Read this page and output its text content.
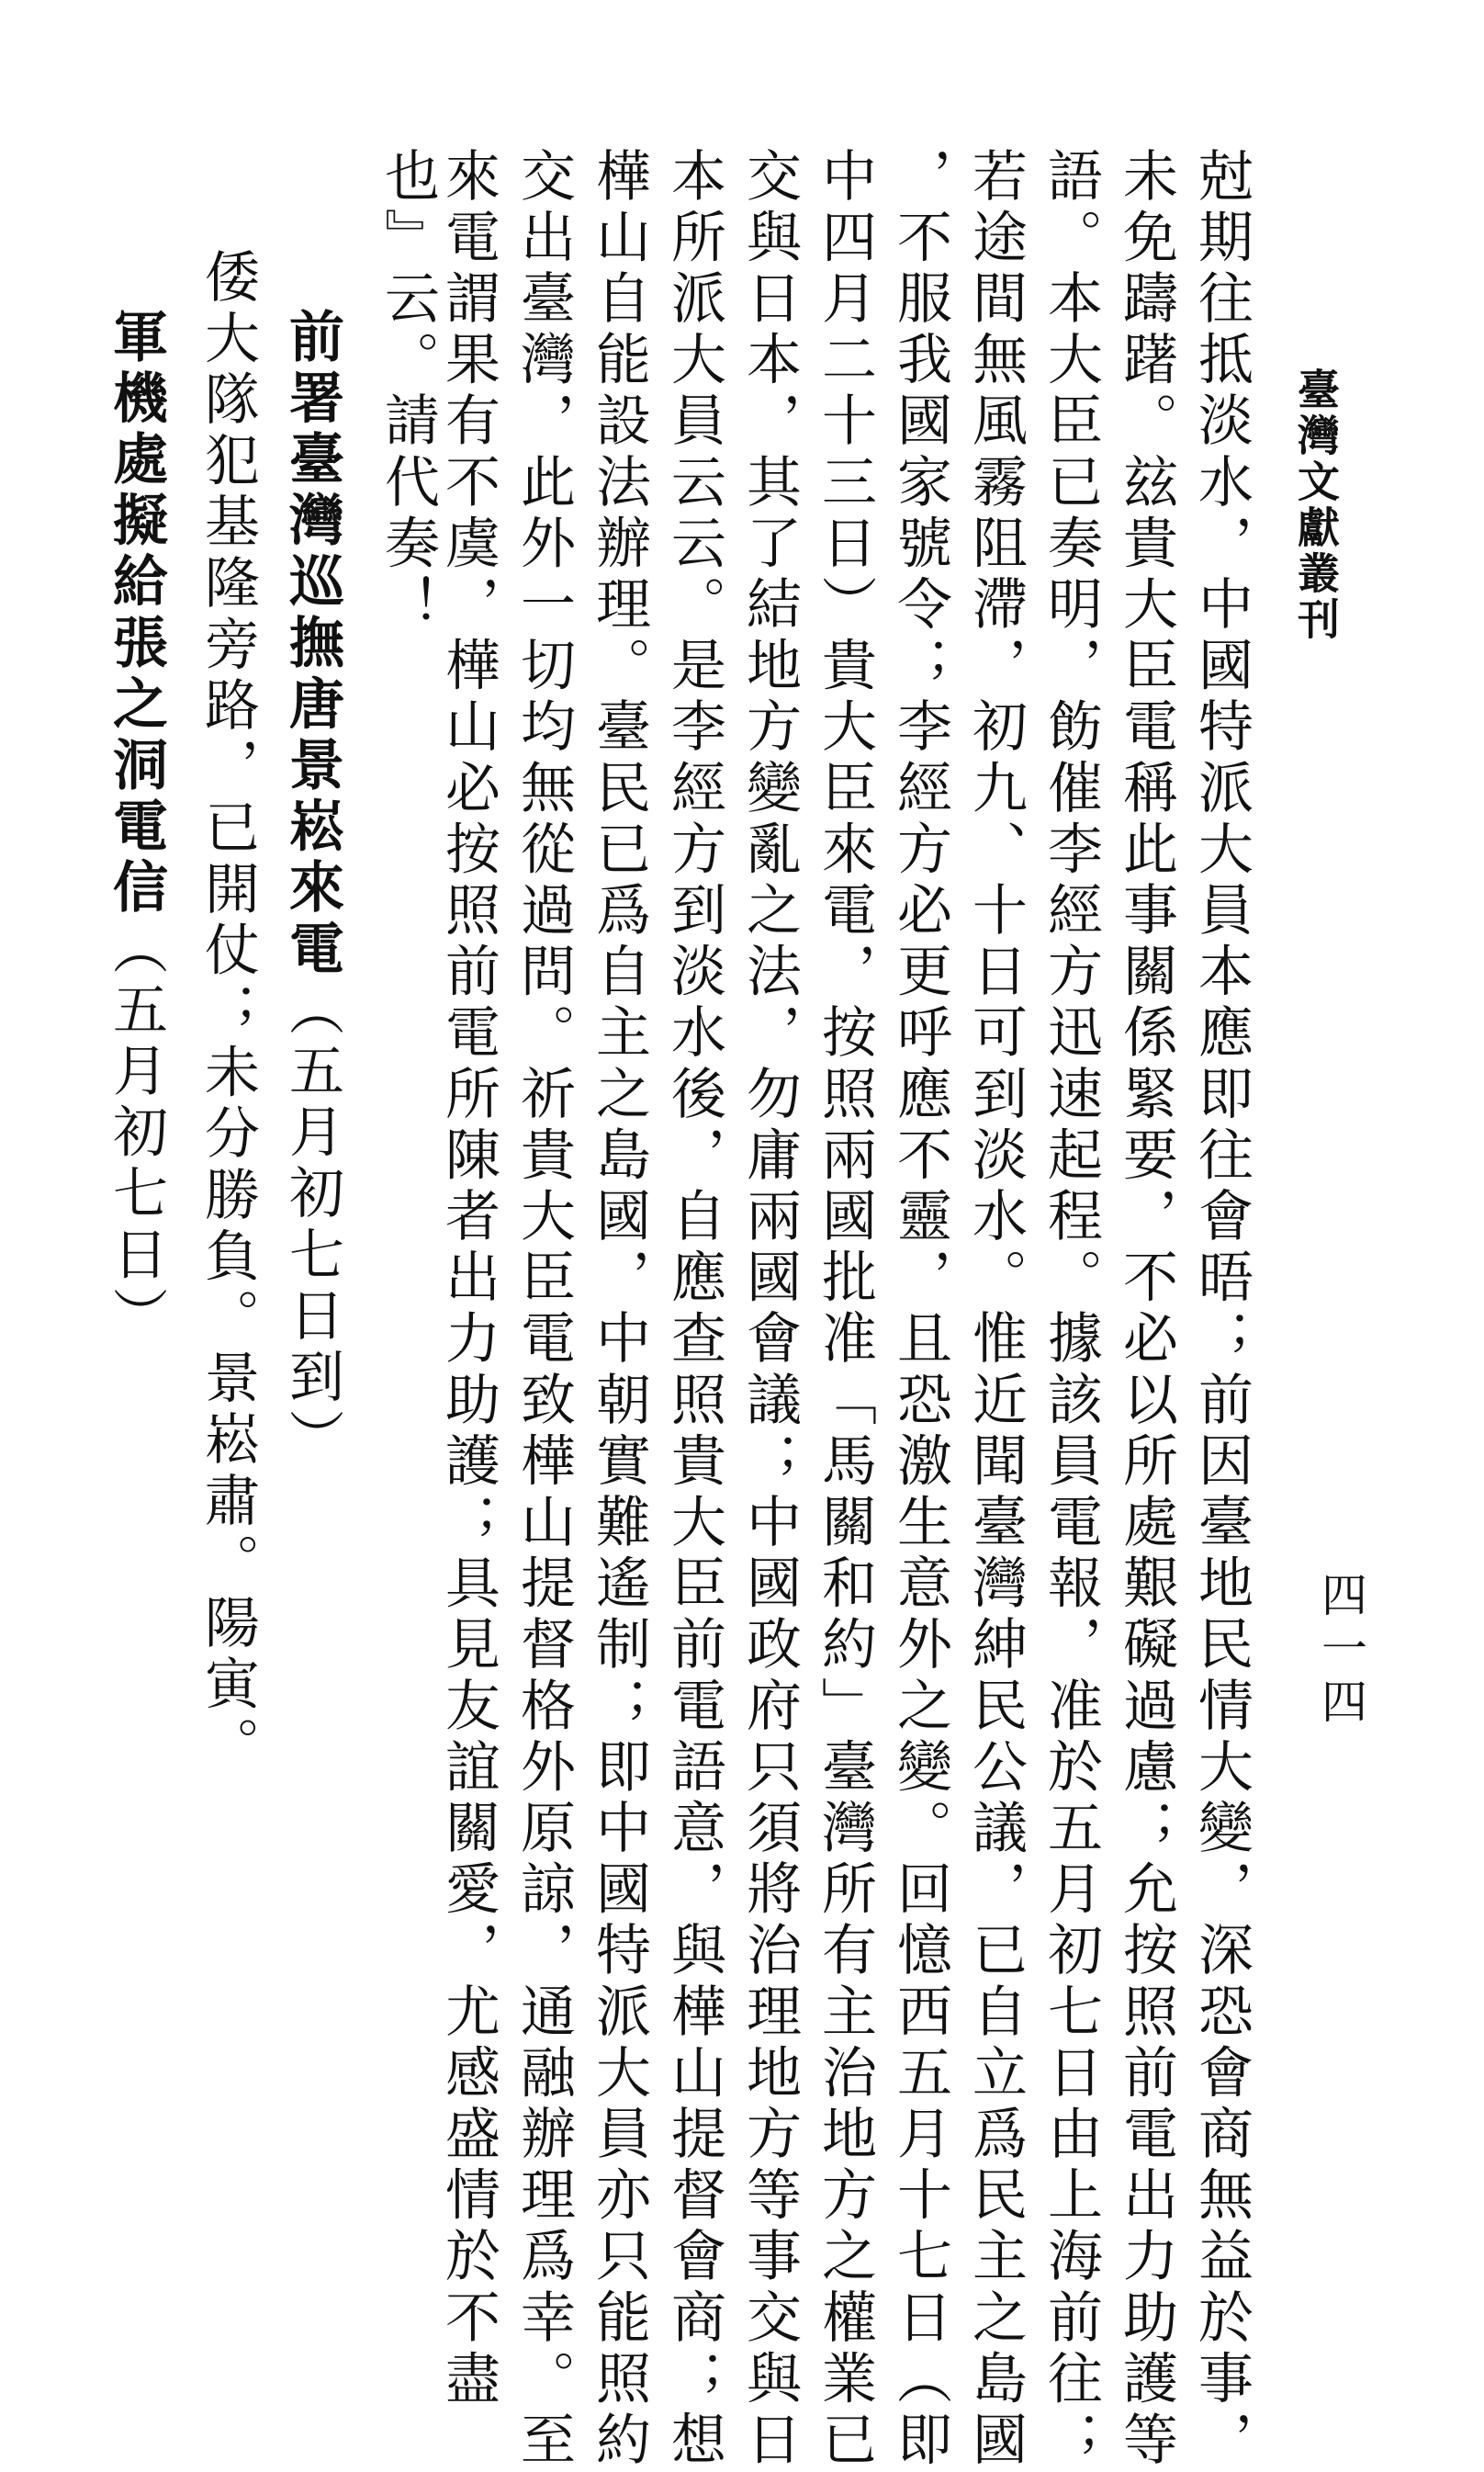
臺灣文獻叢刊
四一四
尅期往抵淡水，中國特派大員本應即往會晤；前因臺地民情大變，深恐會商無益於事，
未免躊躇。玆貴大臣電稱此事關係緊要，不必以所處艱礙過慮；允按照前電出力助護等
語。本大臣已奏明，飭催李經方迅速起程。據該員電報，准於五月初七日由上海前往；
若途間無風霧阻滯，初九、十日可到淡水。惟近聞臺灣紳民公議，已自立爲民主之島國
，不服我國家號令；李經方必更呼應不靈，且恐激生意外之變。回憶西五月十七日（即
中四月二十三日）貴大臣來電，按照兩國批准「馬關和約」臺灣所有主治地方之權業已
交與日本，其了結地方變亂之法，勿庸兩國會議；中國政府只須將治理地方等事交與日
本所派大員云云。是李經方到淡水後，自應查照貴大臣前電語意，與樺山提督會商；想
樺山自能設法辦理。臺民已爲自主之島國，中朝實難遙制；即中國特派大員亦只能照約
交出臺灣，此外一切均無從過問。祈貴大臣電致樺山提督格外原諒，通融辦理爲幸。至
來電謂果有不虞，樺山必按照前電所陳者出力助護；具見友誼關愛，尤感盛情於不盡
也』云。請代奏！
前署臺灣巡撫唐景崧來電（五月初七日到）
倭大隊犯基隆旁路，已開仗；未分勝負。景崧肅。陽寅。
軍機處擬給張之洞電信（五月初七日）
